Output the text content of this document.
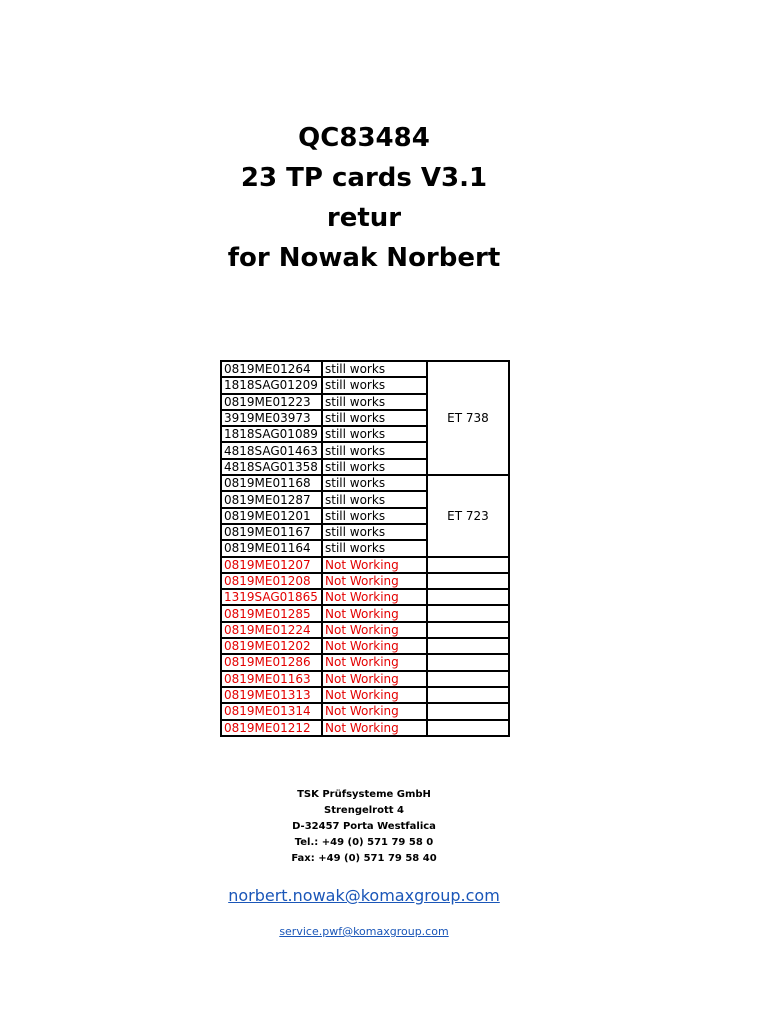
QC83484
23 TP cards V3.1
retur
for Nowak Norbert
0819ME01264	still works	ET 738
1818SAG01209	still works	
0819ME01223	still works	
3919ME03973	still works	
1818SAG01089	still works	
4818SAG01463	still works	
4818SAG01358	still works	
0819ME01168	still works	ET 723
0819ME01287	still works	
0819ME01201	still works	
0819ME01167	still works	
0819ME01164	still works	
0819ME01207	Not Working	
0819ME01208	Not Working	
1319SAG01865	Not Working	
0819ME01285	Not Working	
0819ME01224	Not Working	
0819ME01202	Not Working	
0819ME01286	Not Working	
0819ME01163	Not Working	
0819ME01313	Not Working	
0819ME01314	Not Working	
0819ME01212	Not Working	
TSK Prüfsysteme GmbH
Strengelrott 4
D-32457 Porta Westfalica
Tel.: +49 (0) 571 79 58 0
Fax: +49 (0) 571 79 58 40
norbert.nowak@komaxgroup.com
service.pwf@komaxgroup.com
